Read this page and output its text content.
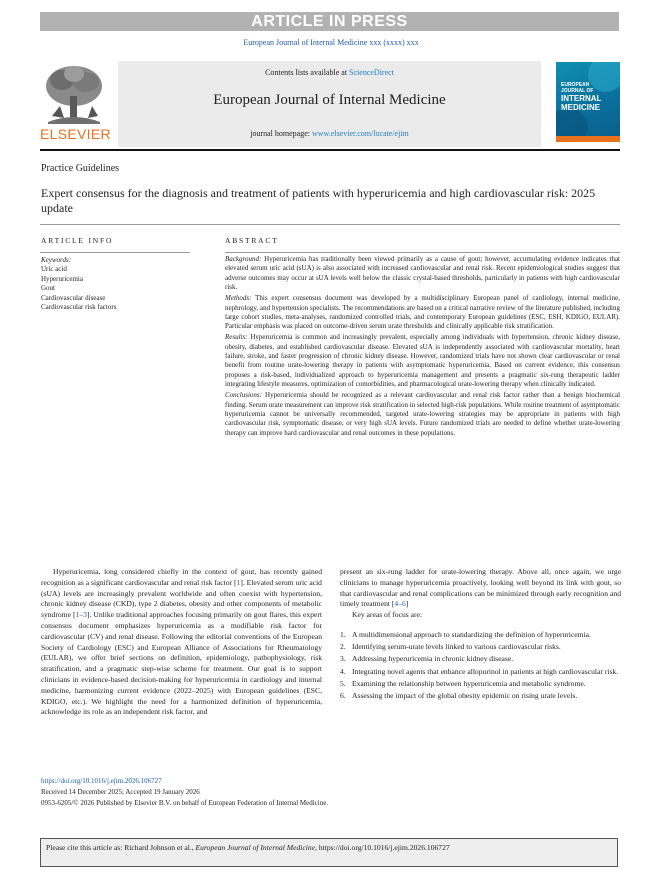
ARTICLE IN PRESS
European Journal of Internal Medicine xxx (xxxx) xxx
ELSEVIER
Contents lists available at ScienceDirect
European Journal of Internal Medicine
journal homepage: www.elsevier.com/locate/ejim
EUROPEAN
JOURNAL OF
INTERNAL
MEDICINE
Practice Guidelines
Expert consensus for the diagnosis and treatment of patients with hyperuricemia and high cardiovascular risk: 2025 update
ARTICLE INFO	ABSTRACT
Keywords:
Uric acid
Hyperuricemia
Gout
Cardiovascular disease
Cardiovascular risk factors

Background: Hyperuricemia has traditionally been viewed primarily as a cause of gout; however, accumulating evidence indicates that elevated serum uric acid (sUA) is also associated with increased cardiovascular and renal risk. Recent epidemiological studies suggest that adverse outcomes may occur at sUA levels well below the classic crystal-based thresholds, particularly in patients with high cardiovascular risk.

Methods: This expert consensus document was developed by a multidisciplinary European panel of cardiology, internal medicine, nephrology, and hypertension specialists. The recommendations are based on a critical narrative review of the literature published, including large cohort studies, meta-analyses, randomized controlled trials, and contemporary European guidelines (ESC, ESH, KDIGO, EULAR). Particular emphasis was placed on outcome-driven serum urate thresholds and clinically applicable risk stratification.

Results: Hyperuricemia is common and increasingly prevalent, especially among individuals with hypertension, chronic kidney disease, obesity, diabetes, and established cardiovascular disease. Elevated sUA is independently associated with cardiovascular mortality, heart failure, stroke, and faster progression of chronic kidney disease. However, randomized trials have not shown clear cardiovascular or renal benefit from routine urate-lowering therapy in patients with asymptomatic hyperuricemia. Based on current evidence, this consensus proposes a risk-based, individualized approach to hyperuricemia management and presents a pragmatic six-rung therapeutic ladder integrating lifestyle measures, optimization of comorbidities, and pharmacological urate-lowering therapy when clinically indicated.

Conclusions: Hyperuricemia should be recognized as a relevant cardiovascular and renal risk factor rather than a benign biochemical finding. Serum urate measurement can improve risk stratification in selected high-risk populations. While routine treatment of asymptomatic hyperuricemia cannot be universally recommended, targeted urate-lowering strategies may be appropriate in patients with high cardiovascular risk, symptomatic disease, or very high sUA levels. Future randomized trials are needed to define whether urate-lowering therapy can improve hard cardiovascular and renal outcomes in these populations.

Hyperuricemia, long considered chiefly in the context of gout, has recently gained recognition as a significant cardiovascular and renal risk factor [1]. Elevated serum uric acid (sUA) levels are increasingly prevalent worldwide and often coexist with hypertension, chronic kidney disease (CKD), type 2 diabetes, obesity and other components of metabolic syndrome [1–3]. Unlike traditional approaches focusing primarily on gout flares, this expert consensus document emphasizes hyperuricemia as a modifiable risk factor for cardiovascular (CV) and renal disease. Following the editorial conventions of the European Society of Cardiology (ESC) and European Alliance of Associations for Rheumatology (EULAR), we offer brief sections on definition, epidemiology, pathophysiology, risk stratification, and a pragmatic step-wise scheme for treatment. Our goal is to support clinicians in evidence-based decision-making for hyperuricemia in cardiology and internal medicine, harmonizing current evidence (2022–2025) with European guidelines (ESC, KDIGO, etc.). We highlight the need for a harmonized definition of hyperuricemia, acknowledge its role as an independent risk factor, and

present an six-rung ladder for urate-lowering therapy. Above all, once again, we urge clinicians to manage hyperuricemia proactively, looking well beyond its link with gout, so that cardiovascular and renal complications can be minimized through early recognition and timely treatment [4–6]

Key areas of focus are:

1. A multidimensional approach to standardizing the definition of hyperuricemia.
2. Identifying serum-urate levels linked to various cardiovascular risks.
3. Addressing hyperuricemia in chronic kidney disease.
4. Integrating novel agents that enhance allopurinol in patients at high cardiovascular risk.
5. Examining the relationship between hyperuricemia and metabolic syndrome.
6. Assessing the impact of the global obesity epidemic on rising urate levels.
https://doi.org/10.1016/j.ejim.2026.106727
Received 14 December 2025; Accepted 19 January 2026
0953-6205/© 2026 Published by Elsevier B.V. on behalf of European Federation of Internal Medicine.
Please cite this article as: Richard Johnson et al., European Journal of Internal Medicine, https://doi.org/10.1016/j.ejim.2026.106727
